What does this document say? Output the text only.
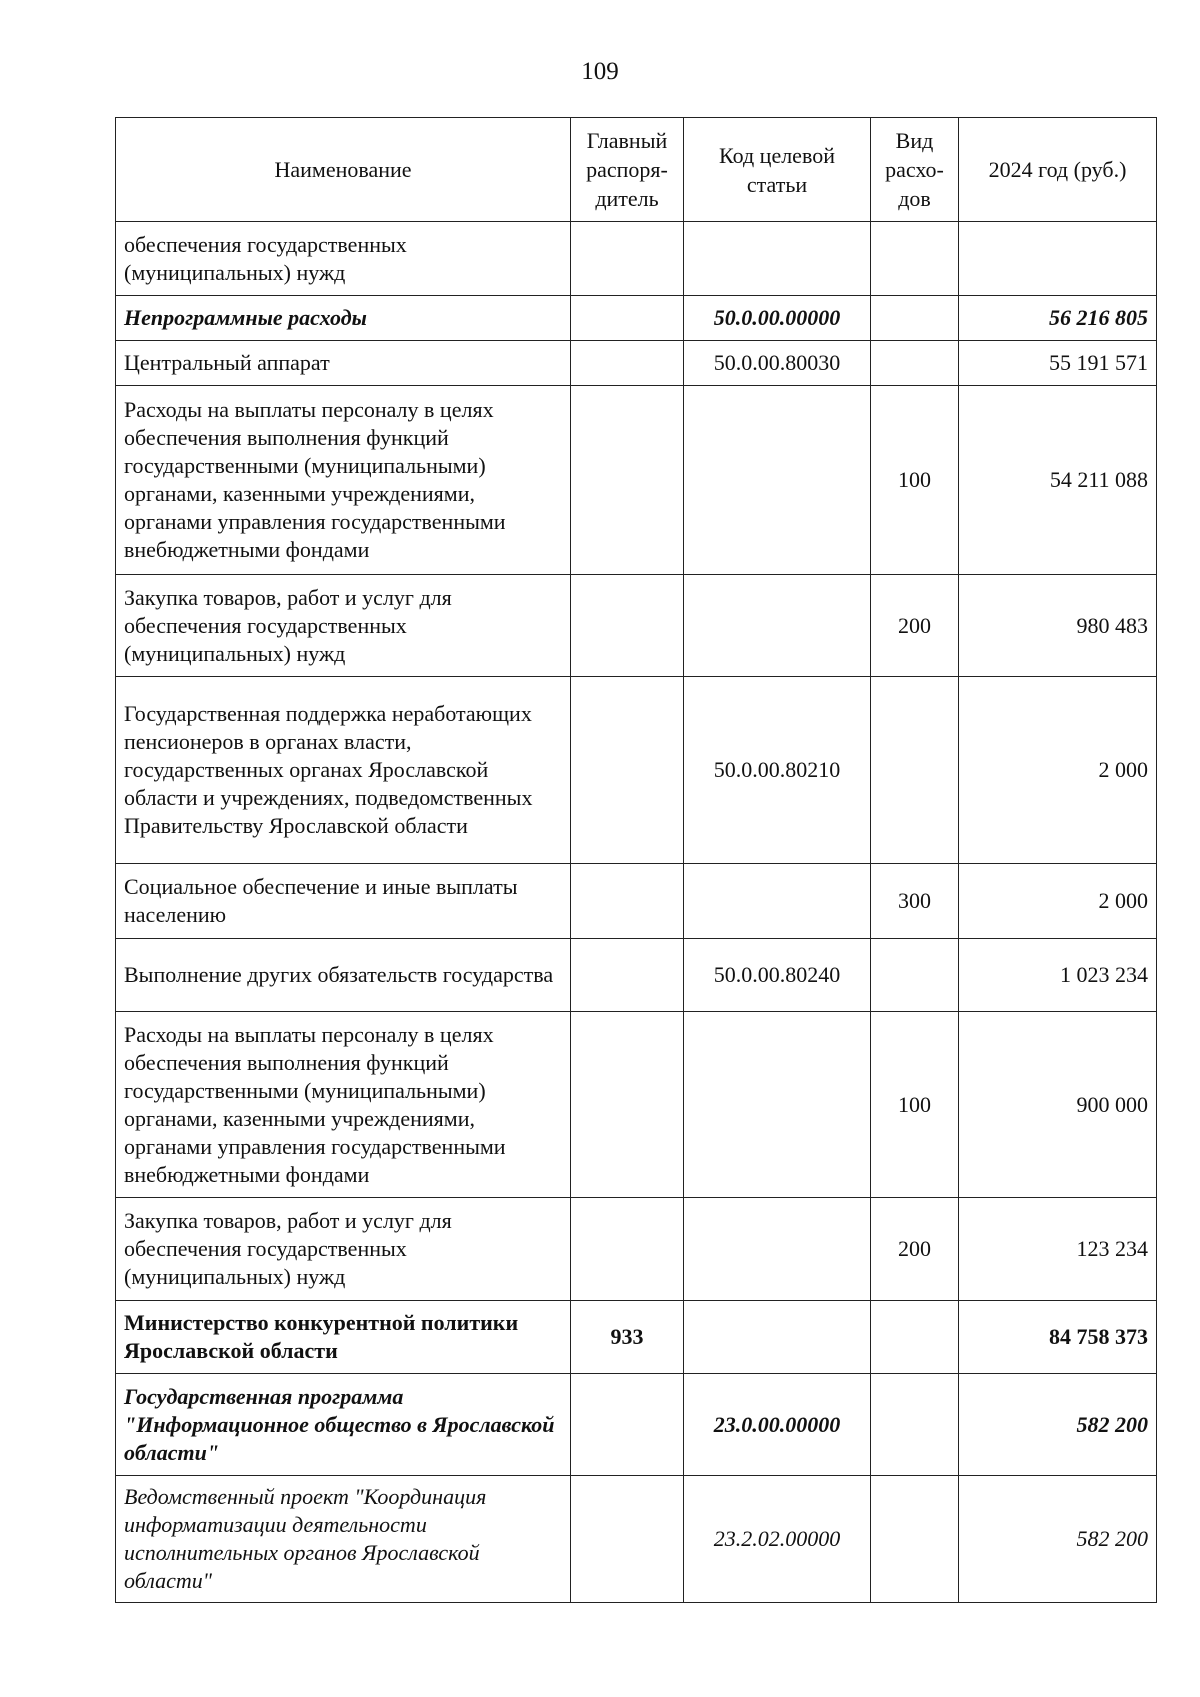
109
Наименование	Главный распоря-дитель	Код целевой статьи	Вид расхо-дов	2024 год (руб.)
обеспечения государственных (муниципальных) нужд				
Непрограммные расходы		50.0.00.00000		56 216 805
Центральный аппарат		50.0.00.80030		55 191 571
Расходы на выплаты персоналу в целях обеспечения выполнения функций государственными (муниципальными) органами, казенными учреждениями, органами управления государственными внебюджетными фондами			100	54 211 088
Закупка товаров, работ и услуг для обеспечения государственных (муниципальных) нужд			200	980 483
Государственная поддержка неработающих пенсионеров в органах власти, государственных органах Ярославской области и учреждениях, подведомственных Правительству Ярославской области		50.0.00.80210		2 000
Социальное обеспечение и иные выплаты населению			300	2 000
Выполнение других обязательств государства		50.0.00.80240		1 023 234
Расходы на выплаты персоналу в целях обеспечения выполнения функций государственными (муниципальными) органами, казенными учреждениями, органами управления государственными внебюджетными фондами			100	900 000
Закупка товаров, работ и услуг для обеспечения государственных (муниципальных) нужд			200	123 234
Министерство конкурентной политики Ярославской области	933			84 758 373
Государственная программа "Информационное общество в Ярославской области"		23.0.00.00000		582 200
Ведомственный проект "Координация информатизации деятельности исполнительных органов Ярославской области"		23.2.02.00000		582 200
